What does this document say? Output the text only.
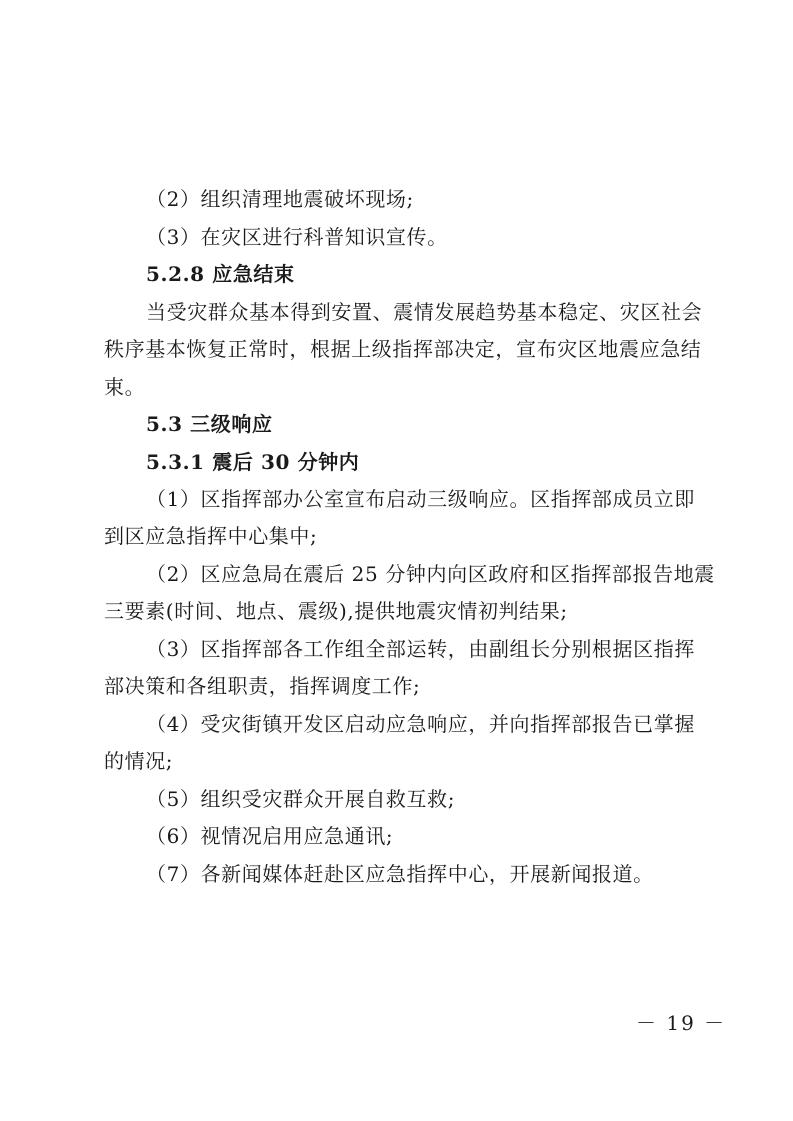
（2）组织清理地震破坏现场;
（3）在灾区进行科普知识宣传。
5.2.8 应急结束
当受灾群众基本得到安置、震情发展趋势基本稳定、灾区社会
秩序基本恢复正常时，根据上级指挥部决定，宣布灾区地震应急结
束。
5.3 三级响应
5.3.1 震后 30 分钟内
（1）区指挥部办公室宣布启动三级响应。区指挥部成员立即
到区应急指挥中心集中;
（2）区应急局在震后 25 分钟内向区政府和区指挥部报告地震
三要素(时间、地点、震级),提供地震灾情初判结果;
（3）区指挥部各工作组全部运转，由副组长分别根据区指挥
部决策和各组职责，指挥调度工作;
（4）受灾街镇开发区启动应急响应，并向指挥部报告已掌握
的情况;
（5）组织受灾群众开展自救互救;
（6）视情况启用应急通讯;
（7）各新闻媒体赶赴区应急指挥中心，开展新闻报道。
－ 19 －
